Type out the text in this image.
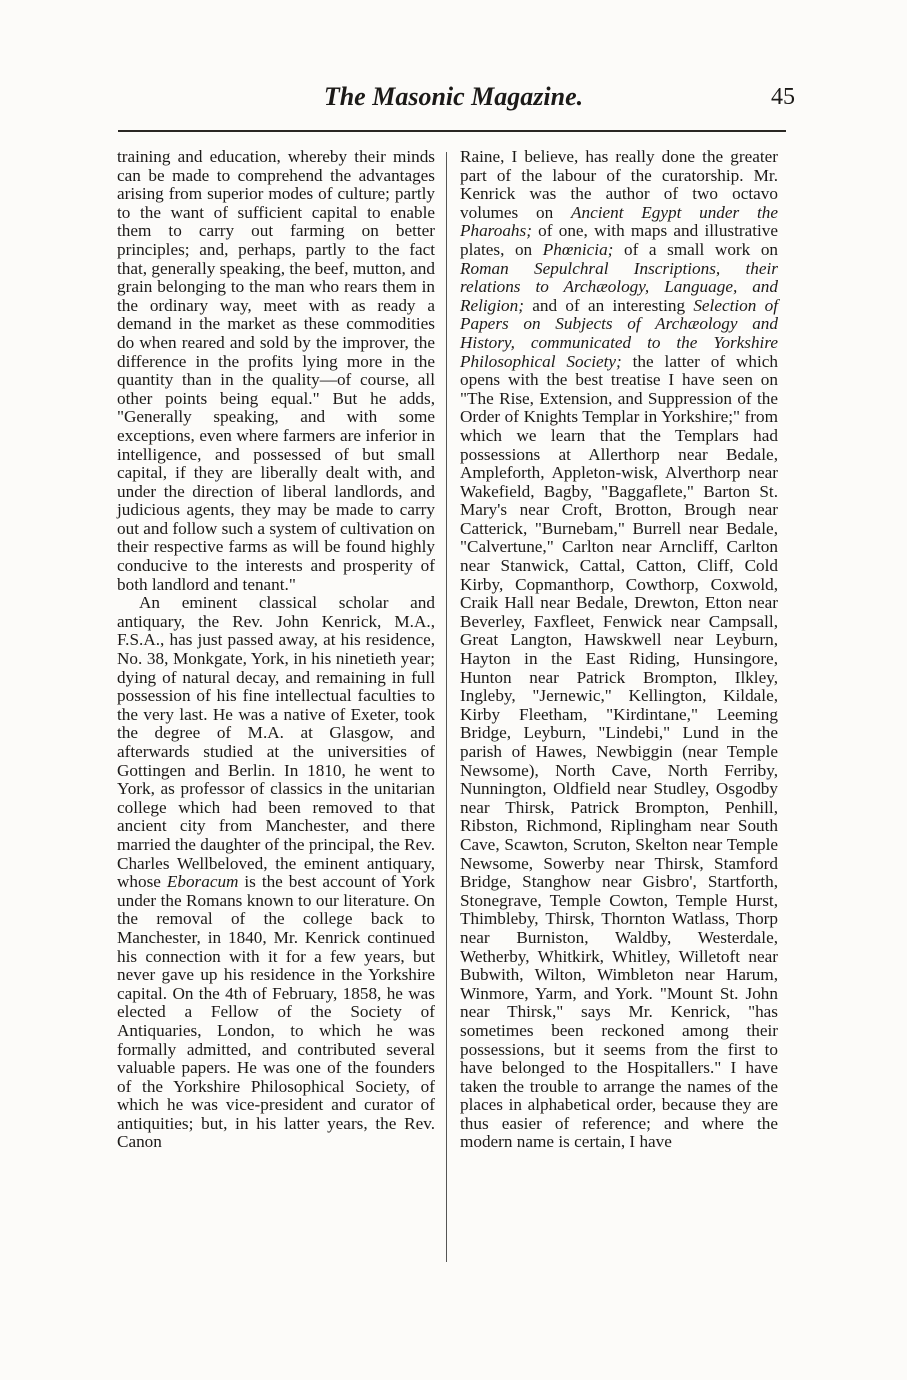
The Masonic Magazine.	45

training and education, whereby their minds can be made to comprehend the advantages arising from superior modes of culture; partly to the want of sufficient capital to enable them to carry out farming on better principles; and, perhaps, partly to the fact that, generally speaking, the beef, mutton, and grain belonging to the man who rears them in the ordinary way, meet with as ready a demand in the market as these commodities do when reared and sold by the improver, the difference in the profits lying more in the quantity than in the quality—of course, all other points being equal." But he adds, "Generally speaking, and with some exceptions, even where farmers are inferior in intelligence, and possessed of but small capital, if they are liberally dealt with, and under the direction of liberal landlords, and judicious agents, they may be made to carry out and follow such a system of cultivation on their respective farms as will be found highly conducive to the interests and prosperity of both landlord and tenant."

An eminent classical scholar and antiquary, the Rev. John Kenrick, M.A., F.S.A., has just passed away, at his residence, No. 38, Monkgate, York, in his ninetieth year; dying of natural decay, and remaining in full possession of his fine intellectual faculties to the very last. He was a native of Exeter, took the degree of M.A. at Glasgow, and afterwards studied at the universities of Gottingen and Berlin. In 1810, he went to York, as professor of classics in the unitarian college which had been removed to that ancient city from Manchester, and there married the daughter of the principal, the Rev. Charles Wellbeloved, the eminent antiquary, whose Eboracum is the best account of York under the Romans known to our literature. On the removal of the college back to Manchester, in 1840, Mr. Kenrick continued his connection with it for a few years, but never gave up his residence in the Yorkshire capital. On the 4th of February, 1858, he was elected a Fellow of the Society of Antiquaries, London, to which he was formally admitted, and contributed several valuable papers. He was one of the founders of the Yorkshire Philosophical Society, of which he was vice-president and curator of antiquities; but, in his latter years, the Rev. Canon

Raine, I believe, has really done the greater part of the labour of the curatorship. Mr. Kenrick was the author of two octavo volumes on Ancient Egypt under the Pharoahs; of one, with maps and illustrative plates, on Phœnicia; of a small work on Roman Sepulchral Inscriptions, their relations to Archæology, Language, and Religion; and of an interesting Selection of Papers on Subjects of Archæology and History, communicated to the Yorkshire Philosophical Society; the latter of which opens with the best treatise I have seen on "The Rise, Extension, and Suppression of the Order of Knights Templar in Yorkshire;" from which we learn that the Templars had possessions at Allerthorp near Bedale, Ampleforth, Appleton-wisk, Alverthorp near Wakefield, Bagby, "Baggaflete," Barton St. Mary's near Croft, Brotton, Brough near Catterick, "Burnebam," Burrell near Bedale, "Calvertune," Carlton near Arncliff, Carlton near Stanwick, Cattal, Catton, Cliff, Cold Kirby, Copmanthorp, Cowthorp, Coxwold, Craik Hall near Bedale, Drewton, Etton near Beverley, Faxfleet, Fenwick near Campsall, Great Langton, Hawskwell near Leyburn, Hayton in the East Riding, Hunsingore, Hunton near Patrick Brompton, Ilkley, Ingleby, "Jernewic," Kellington, Kildale, Kirby Fleetham, "Kirdintane," Leeming Bridge, Leyburn, "Lindebi," Lund in the parish of Hawes, Newbiggin (near Temple Newsome), North Cave, North Ferriby, Nunnington, Oldfield near Studley, Osgodby near Thirsk, Patrick Brompton, Penhill, Ribston, Richmond, Riplingham near South Cave, Scawton, Scruton, Skelton near Temple Newsome, Sowerby near Thirsk, Stamford Bridge, Stanghow near Gisbro', Startforth, Stonegrave, Temple Cowton, Temple Hurst, Thimbleby, Thirsk, Thornton Watlass, Thorp near Burniston, Waldby, Westerdale, Wetherby, Whitkirk, Whitley, Willetoft near Bubwith, Wilton, Wimbleton near Harum, Winmore, Yarm, and York. "Mount St. John near Thirsk," says Mr. Kenrick, "has sometimes been reckoned among their possessions, but it seems from the first to have belonged to the Hospitallers." I have taken the trouble to arrange the names of the places in alphabetical order, because they are thus easier of reference; and where the modern name is certain, I have
